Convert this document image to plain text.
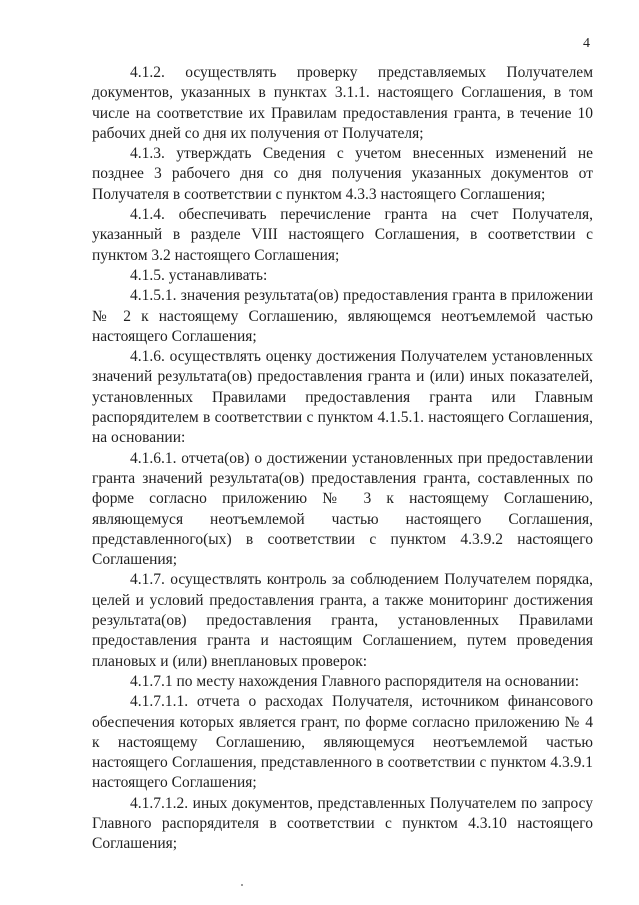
4

4.1.2. осуществлять проверку представляемых Получателем документов, указанных в пунктах 3.1.1. настоящего Соглашения, в том числе на соответствие их Правилам предоставления гранта, в течение 10 рабочих дней со дня их получения от Получателя;

4.1.3. утверждать Сведения с учетом внесенных изменений не позднее 3 рабочего дня со дня получения указанных документов от Получателя в соответствии с пунктом 4.3.3 настоящего Соглашения;

4.1.4. обеспечивать перечисление гранта на счет Получателя, указанный в разделе VIII настоящего Соглашения, в соответствии с пунктом 3.2 настоящего Соглашения;

4.1.5. устанавливать:

4.1.5.1. значения результата(ов) предоставления гранта в приложении № 2 к настоящему Соглашению, являющемся неотъемлемой частью настоящего Соглашения;

4.1.6. осуществлять оценку достижения Получателем установленных значений результата(ов) предоставления гранта и (или) иных показателей, установленных Правилами предоставления гранта или Главным распорядителем в соответствии с пунктом 4.1.5.1. настоящего Соглашения, на основании:

4.1.6.1. отчета(ов) о достижении установленных при предоставлении гранта значений результата(ов) предоставления гранта, составленных по форме согласно приложению № 3 к настоящему Соглашению, являющемуся неотъемлемой частью настоящего Соглашения, представленного(ых) в соответствии с пунктом 4.3.9.2 настоящего Соглашения;

4.1.7. осуществлять контроль за соблюдением Получателем порядка, целей и условий предоставления гранта, а также мониторинг достижения результата(ов) предоставления гранта, установленных Правилами предоставления гранта и настоящим Соглашением, путем проведения плановых и (или) внеплановых проверок:

4.1.7.1 по месту нахождения Главного распорядителя на основании:

4.1.7.1.1. отчета о расходах Получателя, источником финансового обеспечения которых является грант, по форме согласно приложению № 4 к настоящему Соглашению, являющемуся неотъемлемой частью настоящего Соглашения, представленного в соответствии с пунктом 4.3.9.1 настоящего Соглашения;

4.1.7.1.2. иных документов, представленных Получателем по запросу Главного распорядителя в соответствии с пунктом 4.3.10 настоящего Соглашения;
